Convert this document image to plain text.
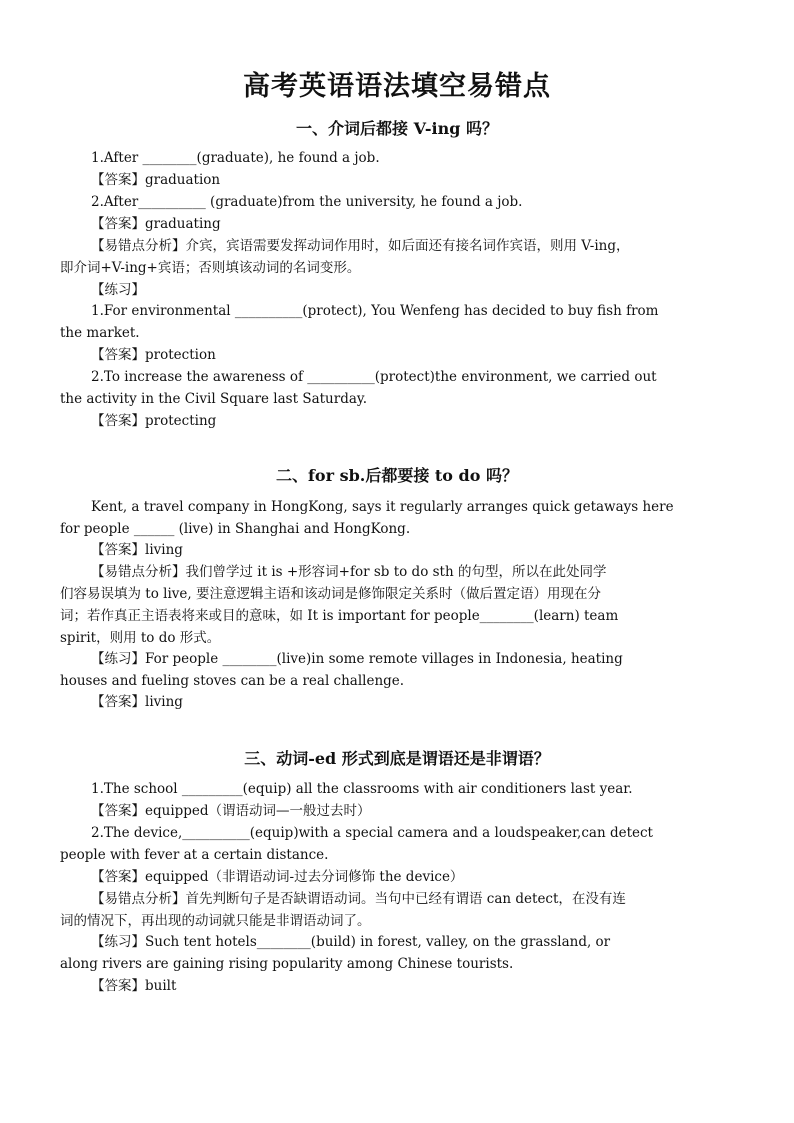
高考英语语法填空易错点
一、介词后都接 V-ing 吗？
1.After ________(graduate), he found a job.
【答案】graduation
2.After__________ (graduate)from the university, he found a job.
【答案】graduating
【易错点分析】介宾，宾语需要发挥动词作用时，如后面还有接名词作宾语，则用 V-ing，
即介词+V-ing+宾语；否则填该动词的名词变形。
【练习】
1.For environmental __________(protect), You Wenfeng has decided to buy fish from
the market.
【答案】protection
2.To increase the awareness of __________(protect)the environment, we carried out
the activity in the Civil Square last Saturday.
【答案】protecting
二、for sb.后都要接 to do 吗？
Kent, a travel company in HongKong, says it regularly arranges quick getaways here
for people ______ (live) in Shanghai and HongKong.
【答案】living
【易错点分析】我们曾学过 it is +形容词+for sb to do sth 的句型，所以在此处同学
们容易误填为 to live, 要注意逻辑主语和该动词是修饰限定关系时（做后置定语）用现在分
词；若作真正主语表将来或目的意味，如 It is important for people________(learn) team
spirit，则用 to do 形式。
【练习】For people ________(live)in some remote villages in Indonesia, heating
houses and fueling stoves can be a real challenge.
【答案】living
三、动词-ed 形式到底是谓语还是非谓语？
1.The school _________(equip) all the classrooms with air conditioners last year.
【答案】equipped（谓语动词—一般过去时）
2.The device,__________(equip)with a special camera and a loudspeaker,can detect
people with fever at a certain distance.
【答案】equipped（非谓语动词-过去分词修饰 the device）
【易错点分析】首先判断句子是否缺谓语动词。当句中已经有谓语 can detect，在没有连
词的情况下，再出现的动词就只能是非谓语动词了。
【练习】Such tent hotels________(build) in forest, valley, on the grassland, or
along rivers are gaining rising popularity among Chinese tourists.
【答案】built
